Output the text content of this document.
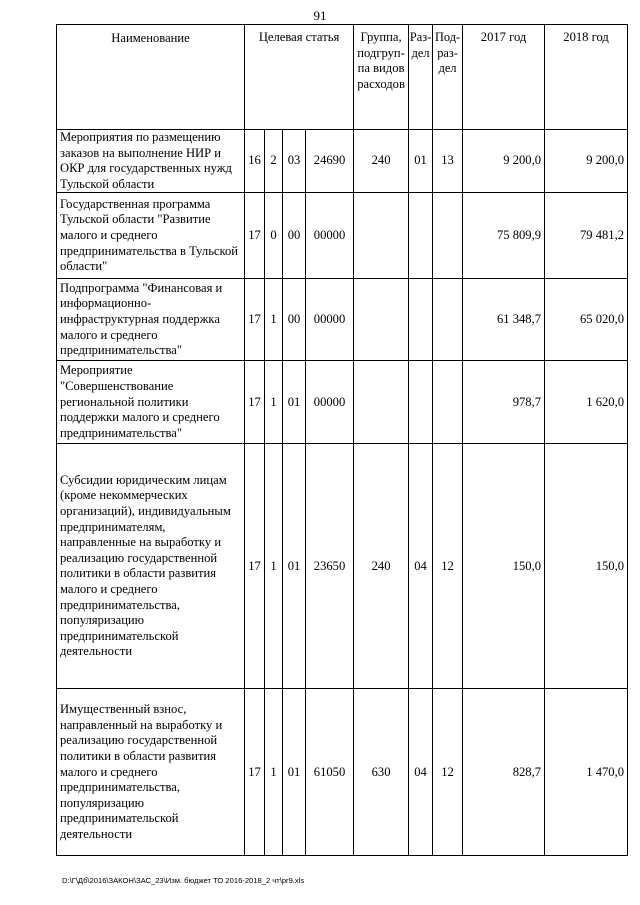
91
Наименование	Целевая статья				Группа, подгруп-па видов расходов	Раз-дел	Под-раз-дел	2017 год	2018 год
Мероприятия по размещению заказов на выполнение НИР и ОКР для государственных нужд Тульской области	16	2	03	24690	240	01	13	9 200,0	9 200,0
Государственная программа Тульской области "Развитие малого и среднего предпринимательства в Тульской области"	17	0	00	00000				75 809,9	79 481,2
Подпрограмма "Финансовая и информационно-инфраструктурная поддержка малого и среднего предпринимательства"	17	1	00	00000				61 348,7	65 020,0
Мероприятие "Совершенствование региональной политики поддержки малого и среднего предпринимательства"	17	1	01	00000				978,7	1 620,0
Субсидии юридическим лицам (кроме некоммерческих организаций), индивидуальным предпринимателям, направленные на выработку и реализацию государственной политики в области развития малого и среднего предпринимательства, популяризацию предпринимательской деятельности	17	1	01	23650	240	04	12	150,0	150,0
Имущественный взнос, направленный на выработку и реализацию государственной политики в области развития малого и среднего предпринимательства, популяризацию предпринимательской деятельности	17	1	01	61050	630	04	12	828,7	1 470,0
D:\Г\Дб\2016\ЗАКОН\ЗАС_23\Изм. бюджет ТО 2016-2018_2 чт\pr9.xls
